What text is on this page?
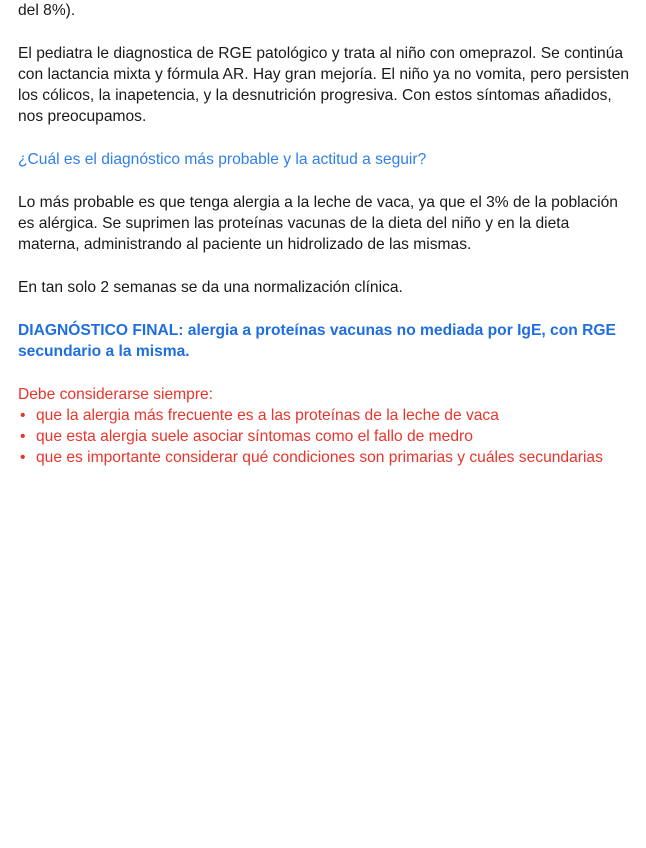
del 8%).

El pediatra le diagnostica de RGE patológico y trata al niño con omeprazol. Se continúa con lactancia mixta y fórmula AR. Hay gran mejoría. El niño ya no vomita, pero persisten los cólicos, la inapetencia, y la desnutrición progresiva. Con estos síntomas añadidos, nos preocupamos.

¿Cuál es el diagnóstico más probable y la actitud a seguir?

Lo más probable es que tenga alergia a la leche de vaca, ya que el 3% de la población es alérgica. Se suprimen las proteínas vacunas de la dieta del niño y en la dieta materna, administrando al paciente un hidrolizado de las mismas.

En tan solo 2 semanas se da una normalización clínica.

DIAGNÓSTICO FINAL: alergia a proteínas vacunas no mediada por IgE, con RGE secundario a la misma.

Debe considerarse siempre:

• que la alergia más frecuente es a las proteínas de la leche de vaca
• que esta alergia suele asociar síntomas como el fallo de medro
• que es importante considerar qué condiciones son primarias y cuáles secundarias
